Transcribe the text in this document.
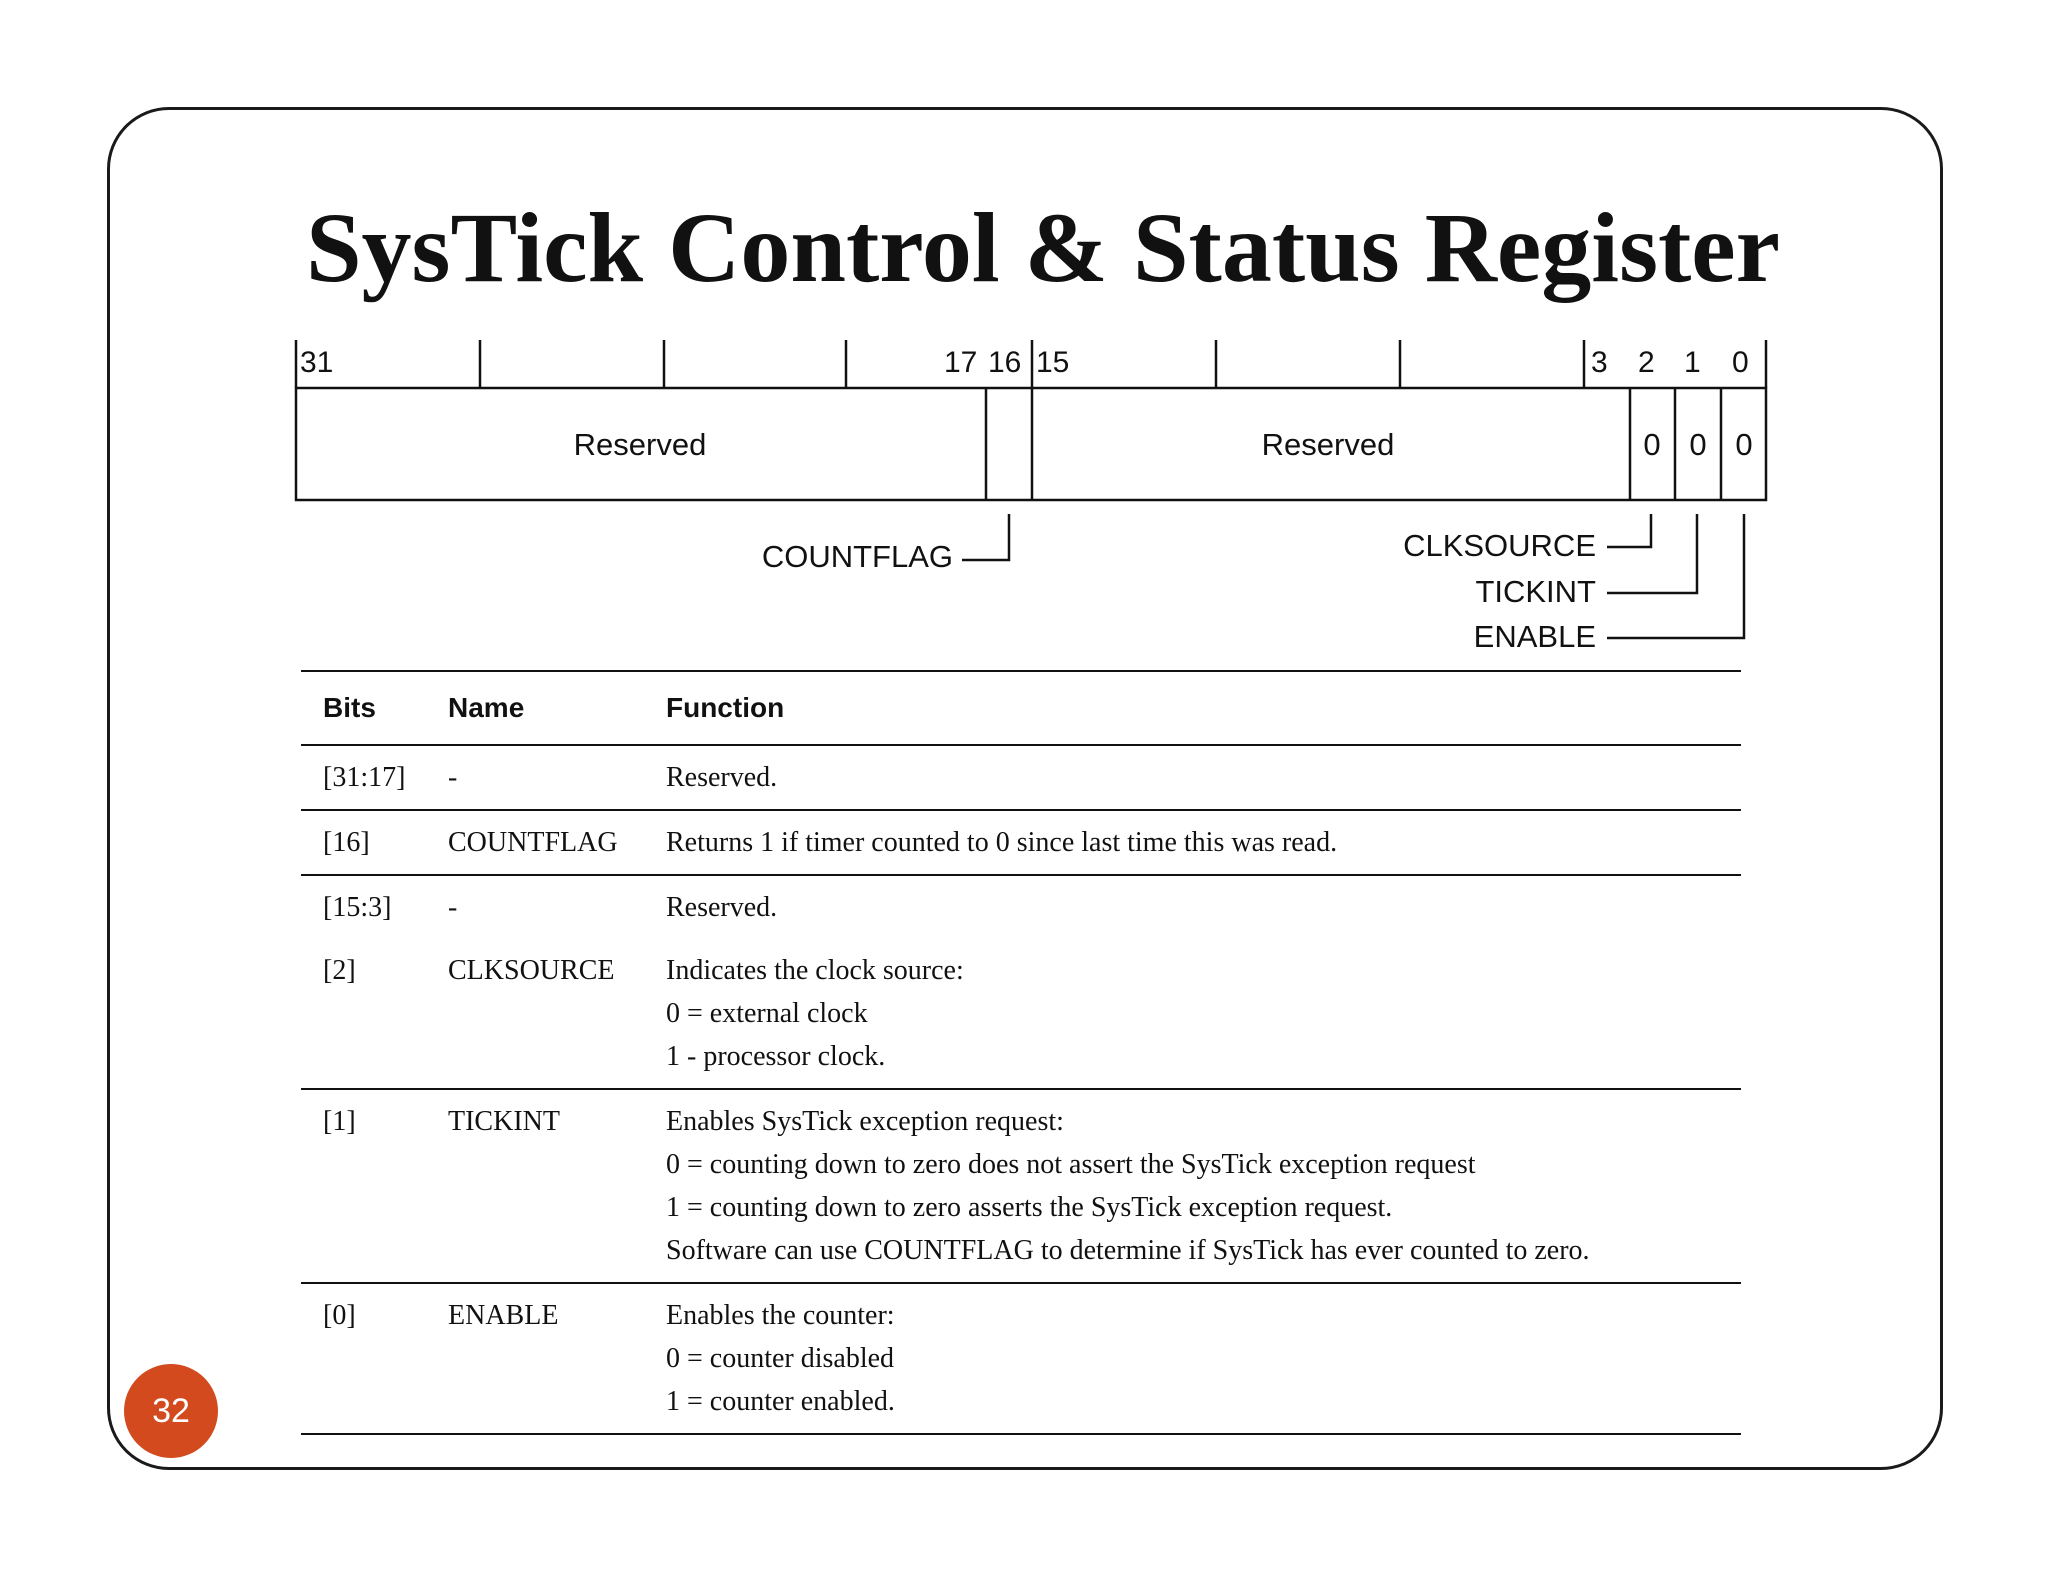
SysTick Control & Status Register
31	17 16 15	3 2 1 0
Reserved	Reserved	0 0 0
COUNTFLAG	CLKSOURCE
TICKINT
ENABLE
Bits	Name	Function
[31:17]	-	Reserved.

[16]	COUNTFLAG	Returns 1 if timer counted to 0 since last time this was read.

[15:3]	-	Reserved.

[2]	CLKSOURCE	Indicates the clock source:
0 = external clock
1 - processor clock.

[1]	TICKINT	Enables SysTick exception request:
0 = counting down to zero does not assert the SysTick exception request
1 = counting down to zero asserts the SysTick exception request.
Software can use COUNTFLAG to determine if SysTick has ever counted to zero.

[0]	ENABLE	Enables the counter:
0 = counter disabled
1 = counter enabled.
32
